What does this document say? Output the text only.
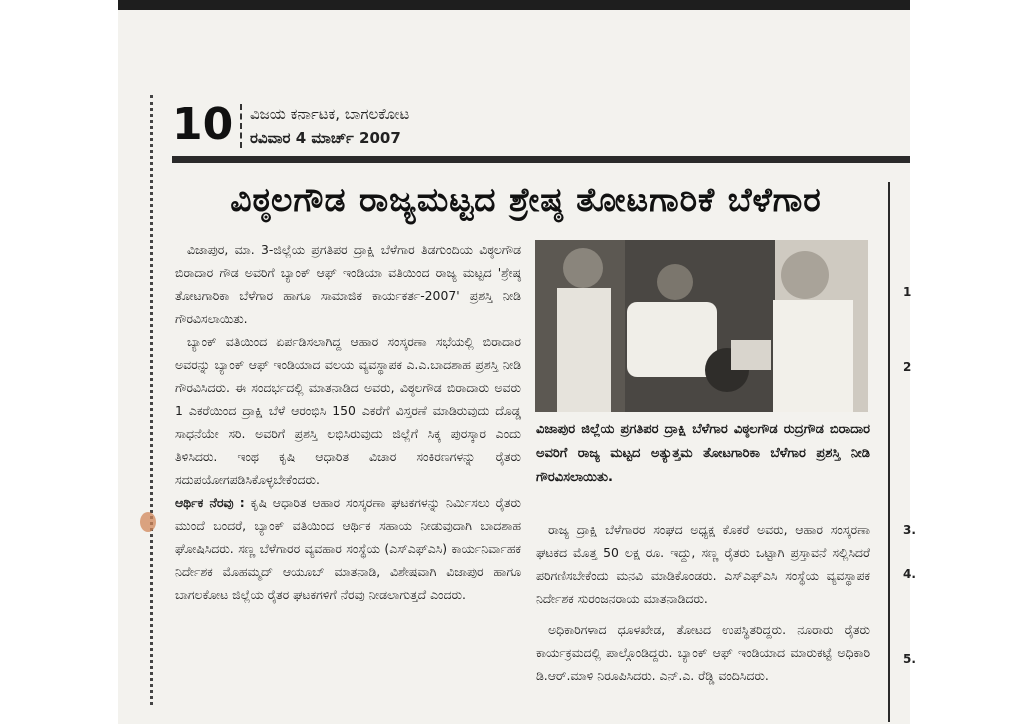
10 ವಿಜಯ ಕರ್ನಾಟಕ, ಬಾಗಲಕೋಟ
ರವಿವಾರ 4 ಮಾರ್ಚ್ 2007
ವಿಠ್ಠಲಗೌಡ ರಾಜ್ಯಮಟ್ಟದ ಶ್ರೇಷ್ಠ ತೋಟಗಾರಿಕೆ ಬೆಳೆಗಾರ

ವಿಜಾಪುರ, ಮಾ. 3-ಜಿಲ್ಲೆಯ ಪ್ರಗತಿಪರ ದ್ರಾಕ್ಷಿ ಬೆಳೆಗಾರ ತಿಡಗುಂದಿಯ ವಿಠ್ಠಲಗೌಡ ಬಿರಾದಾರ ಗೌಡ ಅವರಿಗೆ ಬ್ಯಾಂಕ್ ಆಫ್ ಇಂಡಿಯಾ ವತಿಯಿಂದ ರಾಜ್ಯ ಮಟ್ಟದ 'ಶ್ರೇಷ್ಠ ತೋಟಗಾರಿಕಾ ಬೆಳೆಗಾರ ಹಾಗೂ ಸಾಮಾಜಿಕ ಕಾರ್ಯಕರ್ತ-2007' ಪ್ರಶಸ್ತಿ ನೀಡಿ ಗೌರವಿಸಲಾಯಿತು.

ಬ್ಯಾಂಕ್ ವತಿಯಿಂದ ಏರ್ಪಡಿಸಲಾಗಿದ್ದ ಆಹಾರ ಸಂಸ್ಕರಣಾ ಸಭೆಯಲ್ಲಿ ಬಿರಾದಾರ ಅವರನ್ನು ಬ್ಯಾಂಕ್ ಆಫ್ ಇಂಡಿಯಾದ ವಲಯ ವ್ಯವಸ್ಥಾಪಕ ಎ.ಎ.ಬಾದಶಾಹ ಪ್ರಶಸ್ತಿ ನೀಡಿ ಗೌರವಿಸಿದರು. ಈ ಸಂದರ್ಭದಲ್ಲಿ ಮಾತನಾಡಿದ ಅವರು, ವಿಠ್ಠಲಗೌಡ ಬಿರಾದಾರು ಅವರು 1 ಎಕರೆಯಿಂದ ದ್ರಾಕ್ಷಿ ಬೆಳೆ ಆರಂಭಿಸಿ 150 ಎಕರೆಗೆ ವಿಸ್ತರಣೆ ಮಾಡಿರುವುದು ದೊಡ್ಡ ಸಾಧನೆಯೇ ಸರಿ. ಅವರಿಗೆ ಪ್ರಶಸ್ತಿ ಲಭಿಸಿರುವುದು ಜಿಲ್ಲೆಗೆ ಸಿಕ್ಕ ಪುರಸ್ಕಾರ ಎಂದು ತಿಳಿಸಿದರು. ಇಂಥ ಕೃಷಿ ಆಧಾರಿತ ವಿಚಾರ ಸಂಕಿರಣಗಳನ್ನು ರೈತರು ಸದುಪಯೋಗಪಡಿಸಿಕೊಳ್ಳಬೇಕೆಂದರು.

ಆರ್ಥಿಕ ನೆರವು : ಕೃಷಿ ಆಧಾರಿತ ಆಹಾರ ಸಂಸ್ಕರಣಾ ಘಟಕಗಳನ್ನು ನಿರ್ಮಿಸಲು ರೈತರು ಮುಂದೆ ಬಂದರೆ, ಬ್ಯಾಂಕ್ ವತಿಯಿಂದ ಆರ್ಥಿಕ ಸಹಾಯ ನೀಡುವುದಾಗಿ ಬಾದಶಾಹ ಘೋಷಿಸಿದರು. ಸಣ್ಣ ಬೆಳೆಗಾರರ ವ್ಯವಹಾರ ಸಂಸ್ಥೆಯ (ಎಸ್‌ಎಫ್‌ಎಸಿ) ಕಾರ್ಯನಿರ್ವಾಹಕ ನಿರ್ದೇಶಕ ಮೊಹಮ್ಮದ್ ಆಯೂಬ್ ಮಾತನಾಡಿ, ವಿಶೇಷವಾಗಿ ವಿಜಾಪುರ ಹಾಗೂ ಬಾಗಲಕೋಟ ಜಿಲ್ಲೆಯ ರೈತರ ಘಟಕಗಳಿಗೆ ನೆರವು ನೀಡಲಾಗುತ್ತದೆ ಎಂದರು.

ವಿಜಾಪುರ ಜಿಲ್ಲೆಯ ಪ್ರಗತಿಪರ ದ್ರಾಕ್ಷಿ ಬೆಳೆಗಾರ ವಿಠ್ಠಲಗೌಡ ರುದ್ರಗೌಡ ಬಿರಾದಾರ ಅವರಿಗೆ ರಾಜ್ಯ ಮಟ್ಟದ ಅತ್ಯುತ್ತಮ ತೋಟಗಾರಿಕಾ ಬೆಳೆಗಾರ ಪ್ರಶಸ್ತಿ ನೀಡಿ ಗೌರವಿಸಲಾಯಿತು.

ರಾಜ್ಯ ದ್ರಾಕ್ಷಿ ಬೆಳೆಗಾರರ ಸಂಘದ ಅಧ್ಯಕ್ಷ ಕೊಕರೆ ಅವರು, ಆಹಾರ ಸಂಸ್ಕರಣಾ ಘಟಕದ ಮೊತ್ತ 50 ಲಕ್ಷ ರೂ. ಇದ್ದು, ಸಣ್ಣ ರೈತರು ಒಟ್ಟಾಗಿ ಪ್ರಸ್ತಾವನೆ ಸಲ್ಲಿಸಿದರೆ ಪರಿಗಣಿಸಬೇಕೆಂದು ಮನವಿ ಮಾಡಿಕೊಂಡರು. ಎಸ್‌ಎಫ್‌ಎಸಿ ಸಂಸ್ಥೆಯ ವ್ಯವಸ್ಥಾಪಕ ನಿರ್ದೇಶಕ ಸುರಂಜನರಾಯ ಮಾತನಾಡಿದರು.

ಅಧಿಕಾರಿಗಳಾದ ಧೂಳಖೇಡ, ತೋಟದ ಉಪಸ್ಥಿತರಿದ್ದರು. ನೂರಾರು ರೈತರು ಕಾರ್ಯಕ್ರಮದಲ್ಲಿ ಪಾಲ್ಗೊಂಡಿದ್ದರು. ಬ್ಯಾಂಕ್ ಆಫ್ ಇಂಡಿಯಾದ ಮಾರುಕಟ್ಟೆ ಅಧಿಕಾರಿ ಡಿ.ಆರ್.ಮಾಳಿ ನಿರೂಪಿಸಿದರು. ಎನ್.ಎ. ರೆಡ್ಡಿ ವಂದಿಸಿದರು.

1
2
3.
4.
5.
